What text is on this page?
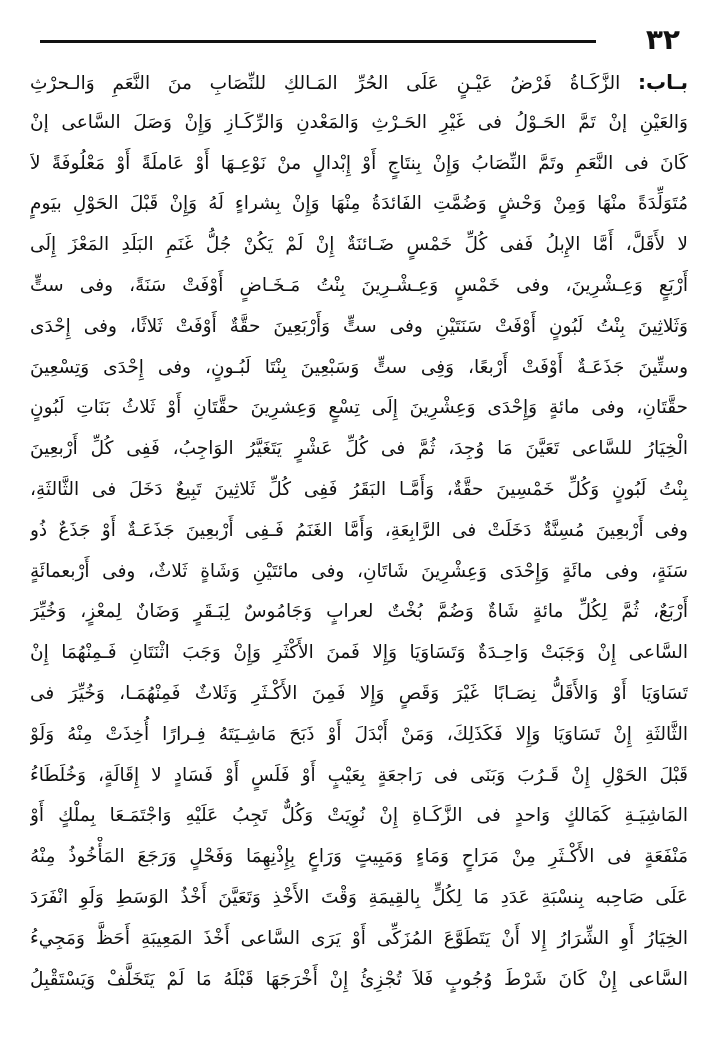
٣٢
بـاب: الزَّكَـاةُ فَرْضُ عَيْـنٍ عَلَى الحُرِّ المَـالكِ للنِّصَابِ منَ النَّعَمِ وَالـحرْثِ
وَالعَيْنِ إنْ تَمَّ الحَـوْلُ فى غَيْرِ الحَـرْثِ وَالمَعْدنِ وَالرِّكَـازِ وَإِنْ وَصَلَ السَّاعى إنْ
كَانَ فى النَّعَمِ وتَمَّ النِّصَابُ وَإِنْ بِنتَاجٍ أَوْ إِبْدالٍ منْ نَوْعِـهَا أَوْ عَاملَةً أَوْ مَعْلُوفَةً لاَ
مُتَوَلِّدَةً منْهَا وَمِنْ وَحْشٍ وَضُمَّتِ الفَائدَةُ مِنْهَا وَإِنْ بِشراءٍ لَهُ وَإِنْ قَبْلَ الحَوْلِ بيَومٍ
لا لأَقَلَّ، أَمَّا الإِبلُ فَفى كُلِّ خَمْسٍ ضَـائنَةٌ إِنْ لَمْ يَكُنْ جُلُّ غَنَمِ البَلَدِ المَعْزَ إِلَى
أَرْبَعٍ وَعِـشْرِينَ، وفى خَمْسٍ وَعِـشْـرِينَ بِنْتُ مَـخَـاضٍ أَوْفَتْ سَنَةً، وفى ستٍّ
وَثَلاثِينَ بِنْتُ لَبُونٍ أَوْفَتْ سَنَتَيْنِ وفى ستٍّ وَأَرْبَعِينَ حقَّةٌ أَوْفَتْ ثَلاثًا، وفى إِحْدَى
وستِّينَ جَذَعَـةٌ أَوْفَتْ أَرْبعًا، وَفِى ستٍّ وَسَبْعِينَ بِنْتَا لَبُـونٍ، وفى إِحْدَى وَتِسْعِينَ
حقَّتَانِ، وفى مائةٍ وَإِحْدَى وَعِشْرِينَ إِلَى تِسْعٍ وَعِشرِينَ حقَّتَانِ أَوْ ثَلاثُ بَنَاتِ لَبُونٍ
الْخِيَارُ للسَّاعى تَعَيَّنَ مَا وُجِدَ، ثُمَّ فى كُلِّ عَشْرٍ يَتَغَيَّرُ الوَاجِبُ، فَفِى كُلِّ أَرْبعِينَ
بِنْتُ لَبُونٍ وَكُلِّ خَمْسِينَ حقَّةٌ، وَأَمَّـا البَقَرُ فَفِى كُلِّ ثَلاثِينَ تَبِيعٌ دَخَلَ فى الثَّالثَةِ،
وفى أَرْبعِينَ مُسِنَّةٌ دَخَلَتْ فى الرَّابِعَةِ، وَأَمَّا الغَنَمُ فَـفِى أَرْبعِينَ جَذَعَـةٌ أَوْ جَذَعٌ ذُو
سَنَةٍ، وفى مائَةٍ وَإِحْدَى وَعِشْرِينَ شَاتَانِ، وفى مائتَيْنِ وَشَاةٍ ثَلاثٌ، وفى أَرْبعمائَةٍ
أَرْبَعٌ، ثُمَّ لِكُلِّ مائةٍ شَاةٌ وَضُمَّ بُخْتٌ لعرابٍ وَجَامُوسٌ لِبَـقَرٍ وَضَانٌ لِمعْزٍ، وَخُيِّرَ
السَّاعى إِنْ وَجَبَتْ وَاحِـدَةٌ وَتَسَاوَيَا وَإِلا فَمنَ الأَكْثَرِ وَإِنْ وَجَبَ اثْنَتَانِ فَـمِنْهُمَا إِنْ
تَسَاوَيَا أَوْ وَالأَقَلُّ نِصَـابًا غَيْرَ وَقَصٍ وَإِلا فَمِنَ الأَكْـثَرِ وَثَلاثٌ فَمِنْهُمَـا، وَخُيِّرَ فى
الثَّالثَةِ إِنْ تَسَاوَيَا وَإِلا فَكَذَلِكَ، وَمَنْ أَبْدَلَ أَوْ ذَبَحَ مَاشِـيَتَهُ فِـرارًا أُخِذَتْ مِنْهُ وَلَوْ
قَبْلَ الحَوْلِ إِنْ قَـرُبَ وَبَنَى فى رَاجعَةٍ بِعَيْبٍ أَوْ فَلَسٍ أَوْ فَسَادٍ لا إِقَالَةٍ، وَخُلَطَاءُ
المَاشِيَـةِ كَمَالكٍ وَاحدٍ فى الزَّكَـاةِ إِنْ نُوِيَتْ وَكُلٌّ تَجِبُ عَلَيْهِ وَاجْتَمَـعَا بِملْكٍ أَوْ
مَنْفَعَةٍ فى الأَكْـثَرِ مِنْ مَرَاحٍ وَمَاءٍ وَمَبِيتٍ وَرَاعٍ بِإِذْنِهِمَا وَفَحْلٍ وَرَجَعَ المَأْخُوذُ مِنْهُ
عَلَى صَاحِبه بِنسْبَةِ عَدَدِ مَا لِكُلٍّ بِالقِيمَةِ وَقْتَ الأَخْذِ وَتَعَيَّنَ أَخْذُ الوَسَطِ وَلَوِ انْفَرَدَ
الخِيَارُ أَوِ الشِّرَارُ إِلا أَنْ يَتَطَوَّعَ المُزَكِّى أَوْ يَرَى السَّاعى أَخْذَ المَعِيبَةِ أَحَظَّ وَمَجِيءُ
السَّاعى إِنْ كَانَ شَرْطَ وُجُوبٍ فَلاَ تُجْزِئُ إِنْ أَخْرَجَهَا قَبْلَهُ مَا لَمْ يَتَخَلَّفْ وَيَسْتَقْبِلُ
